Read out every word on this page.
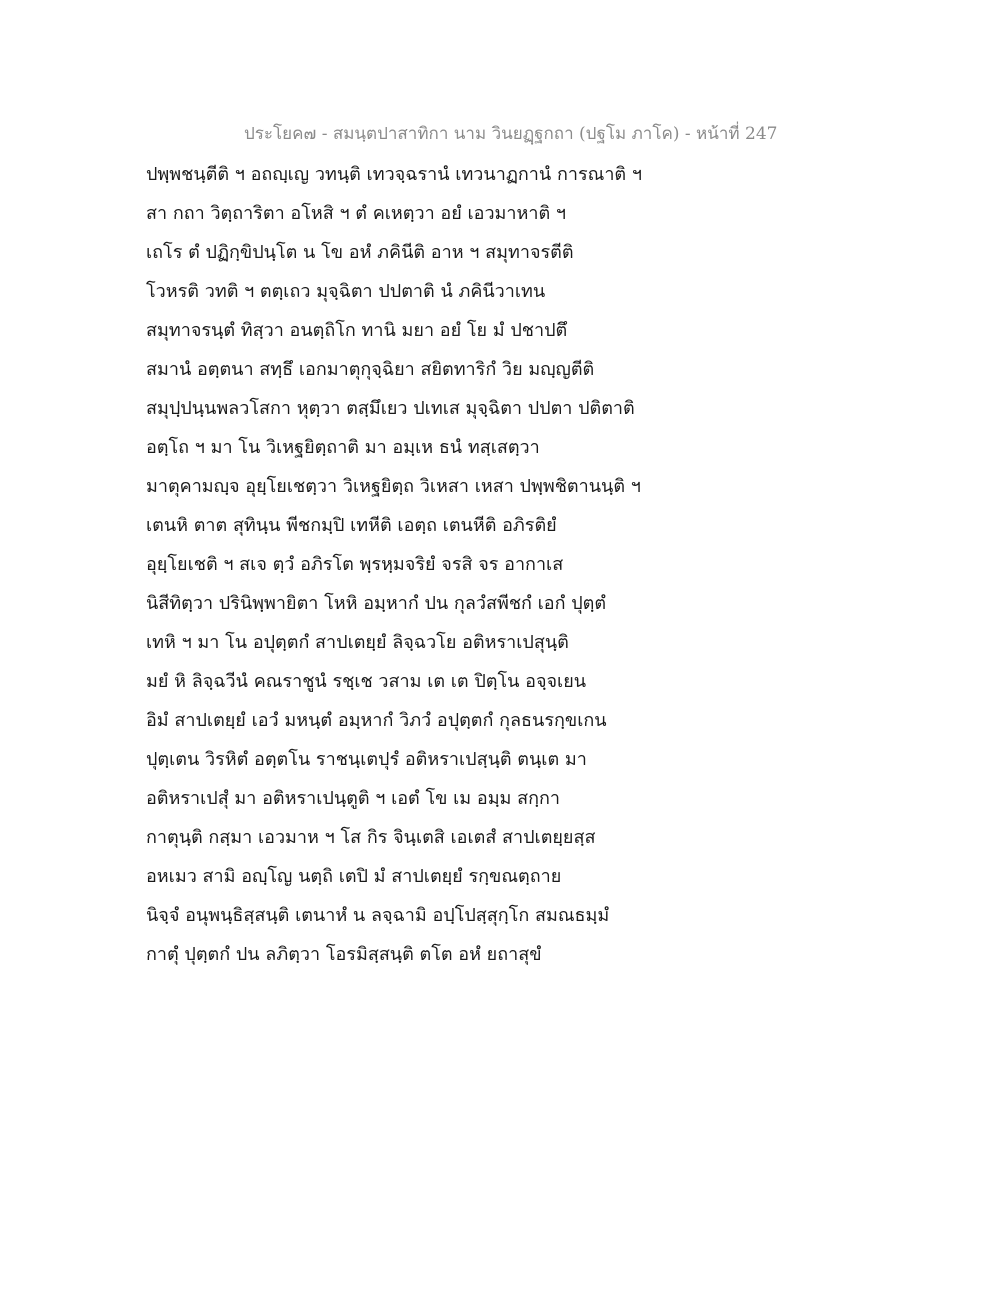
ประโยค๗ - สมนฺตปาสาทิกา นาม วินยฏฺฐกถา (ปฐโม ภาโค) - หน้าที่ 247
ปพฺพชนฺตีติ ฯ อถญฺเญ วทนฺติ เทวจฺฉรานํ เทวนาฏกานํ การณาติ ฯ
สา กถา วิตฺถาริตา อโหสิ ฯ ตํ คเหตฺวา อยํ เอวมาหาติ ฯ
เถโร ตํ ปฏิกฺขิปนฺโต น โข อหํ ภคินีติ อาห ฯ สมุทาจรตีติ
โวหรติ วทติ ฯ ตตฺเถว มุจฺฉิตา ปปตาติ นํ ภคินีวาเทน
สมุทาจรนฺตํ ทิสฺวา อนตฺถิโก ทานิ มยา อยํ โย มํ ปชาปตึ
สมานํ อตฺตนา สทฺธึ เอกมาตุกุจฺฉิยา สยิตทาริกํ วิย มญฺญตีติ
สมุปฺปนฺนพลวโสกา หุตฺวา ตสฺมึเยว ปเทเส มุจฺฉิตา ปปตา ปติตาติ
อตฺโถ ฯ มา โน วิเหฐยิตฺถาติ มา อมฺเห ธนํ ทสฺเสตฺวา
มาตุคามญฺจ อุยฺโยเชตฺวา วิเหฐยิตฺถ วิเหสา เหสา ปพฺพชิตานนฺติ ฯ
เตนหิ ตาต สุทินฺน พีชกมฺปิ เทหีติ เอตฺถ เตนหีติ อภิรติยํ
อุยฺโยเชติ ฯ สเจ ตฺวํ อภิรโต พฺรหฺมจริยํ จรสิ จร อากาเส
นิสีทิตฺวา ปรินิพฺพายิตา โหหิ อมฺหากํ ปน กุลวํสพีชกํ เอกํ ปุตฺตํ
เทหิ ฯ มา โน อปุตฺตกํ สาปเตยฺยํ ลิจฺฉวโย อติหราเปสุนฺติ
มยํ หิ ลิจฺฉวีนํ คณราชูนํ รชฺเช วสาม เต เต ปิตฺโน อจฺจเยน
อิมํ สาปเตยฺยํ เอวํ มหนฺตํ อมฺหากํ วิภวํ อปุตฺตกํ กุลธนรกฺขเกน
ปุตฺเตน วิรหิตํ อตฺตโน ราชนฺเตปุรํ อติหราเปสฺนฺติ ตนฺเต มา
อติหราเปสุํ มา อติหราเปนฺตูติ ฯ เอตํ โข เม อมฺม สกฺกา
กาตุนฺติ กสฺมา เอวมาห ฯ โส กิร จินฺเตสิ เอเตสํ สาปเตยฺยสฺส
อหเมว สามิ อญฺโญ นตฺถิ เตปิ มํ สาปเตยฺยํ รกฺขณตฺถาย
นิจฺจํ อนุพนฺธิสฺสนฺติ เตนาหํ น ลจฺฉามิ อปฺโปสฺสุกฺโก สมณธมฺมํ
กาตุํ ปุตฺตกํ ปน ลภิตฺวา โอรมิสฺสนฺติ ตโต อหํ ยถาสุขํ
